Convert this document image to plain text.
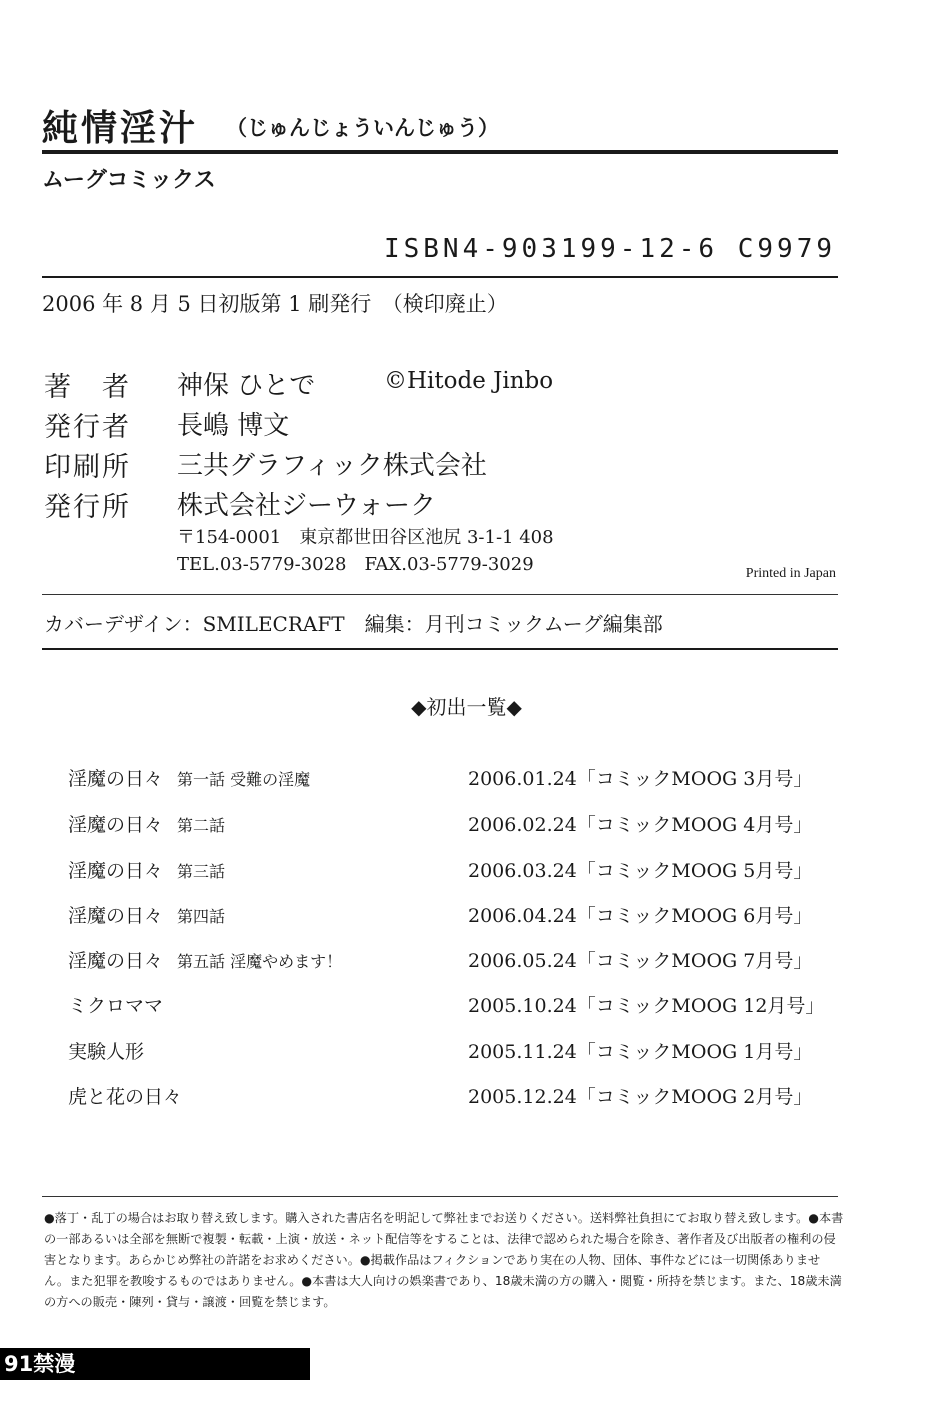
純情淫汁 （じゅんじょういんじゅう）
ムーグコミックス
ISBN4-903199-12-6 C9979
2006 年 8 月 5 日初版第 1 刷発行　（検印廃止）
著　者 神保 ひとで	©Hitode Jinbo
発行者 長嶋 博文
印刷所 三共グラフィック株式会社
発行所 株式会社ジーウォーク
〒154-0001　東京都世田谷区池尻 3-1-1 408
TEL.03-5779-3028　FAX.03-5779-3029	Printed in Japan
カバーデザイン：SMILECRAFT　編集：月刊コミックムーグ編集部
◆初出一覧◆
淫魔の日々 第一話 受難の淫魔	2006.01.24「コミックMOOG 3月号」
淫魔の日々 第二話	2006.02.24「コミックMOOG 4月号」
淫魔の日々 第三話	2006.03.24「コミックMOOG 5月号」
淫魔の日々 第四話	2006.04.24「コミックMOOG 6月号」
淫魔の日々 第五話 淫魔やめます！	2006.05.24「コミックMOOG 7月号」
ミクロママ	2005.10.24「コミックMOOG 12月号」
実験人形	2005.11.24「コミックMOOG 1月号」
虎と花の日々	2005.12.24「コミックMOOG 2月号」
●落丁・乱丁の場合はお取り替え致します。購入された書店名を明記して弊社までお送りください。送料弊社負担にてお取り替え致します。●本書の一部あるいは全部を無断で複製・転載・上演・放送・ネット配信等をすることは、法律で認められた場合を除き、著作者及び出版者の権利の侵害となります。あらかじめ弊社の許諾をお求めください。●掲載作品はフィクションであり実在の人物、団体、事件などには一切関係ありません。また犯罪を教唆するものではありません。●本書は大人向けの娯楽書であり、18歳未満の方の購入・閲覧・所持を禁じます。また、18歳未満の方への販売・陳列・貸与・譲渡・回覧を禁じます。
91禁漫_www.91jinman.com
